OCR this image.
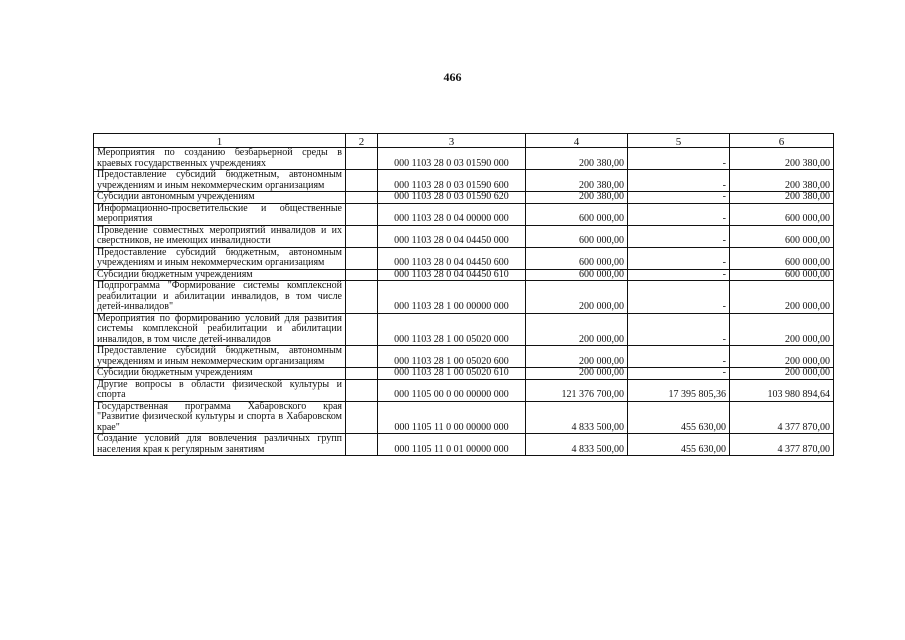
466
1	2	3	4	5	6
Мероприятия по созданию безбарьерной среды в краевых государственных учреждениях		000 1103 28 0 03 01590 000	200 380,00	-	200 380,00
Предоставление субсидий бюджетным, автономным учреждениям и иным некоммерческим организациям		000 1103 28 0 03 01590 600	200 380,00	-	200 380,00
Субсидии автономным учреждениям		000 1103 28 0 03 01590 620	200 380,00	-	200 380,00
Информационно-просветительские и общественные мероприятия		000 1103 28 0 04 00000 000	600 000,00	-	600 000,00
Проведение совместных мероприятий инвалидов и их сверстников, не имеющих инвалидности		000 1103 28 0 04 04450 000	600 000,00	-	600 000,00
Предоставление субсидий бюджетным, автономным учреждениям и иным некоммерческим организациям		000 1103 28 0 04 04450 600	600 000,00	-	600 000,00
Субсидии бюджетным учреждениям		000 1103 28 0 04 04450 610	600 000,00	-	600 000,00
Подпрограмма "Формирование системы комплексной реабилитации и абилитации инвалидов, в том числе детей-инвалидов"		000 1103 28 1 00 00000 000	200 000,00	-	200 000,00
Мероприятия по формированию условий для развития системы комплексной реабилитации и абилитации инвалидов, в том числе детей-инвалидов		000 1103 28 1 00 05020 000	200 000,00	-	200 000,00
Предоставление субсидий бюджетным, автономным учреждениям и иным некоммерческим организациям		000 1103 28 1 00 05020 600	200 000,00	-	200 000,00
Субсидии бюджетным учреждениям		000 1103 28 1 00 05020 610	200 000,00	-	200 000,00
Другие вопросы в области физической культуры и спорта		000 1105 00 0 00 00000 000	121 376 700,00	17 395 805,36	103 980 894,64
Государственная программа Хабаровского края "Развитие физической культуры и спорта в Хабаровском крае"		000 1105 11 0 00 00000 000	4 833 500,00	455 630,00	4 377 870,00
Создание условий для вовлечения различных групп населения края к регулярным занятиям		000 1105 11 0 01 00000 000	4 833 500,00	455 630,00	4 377 870,00
